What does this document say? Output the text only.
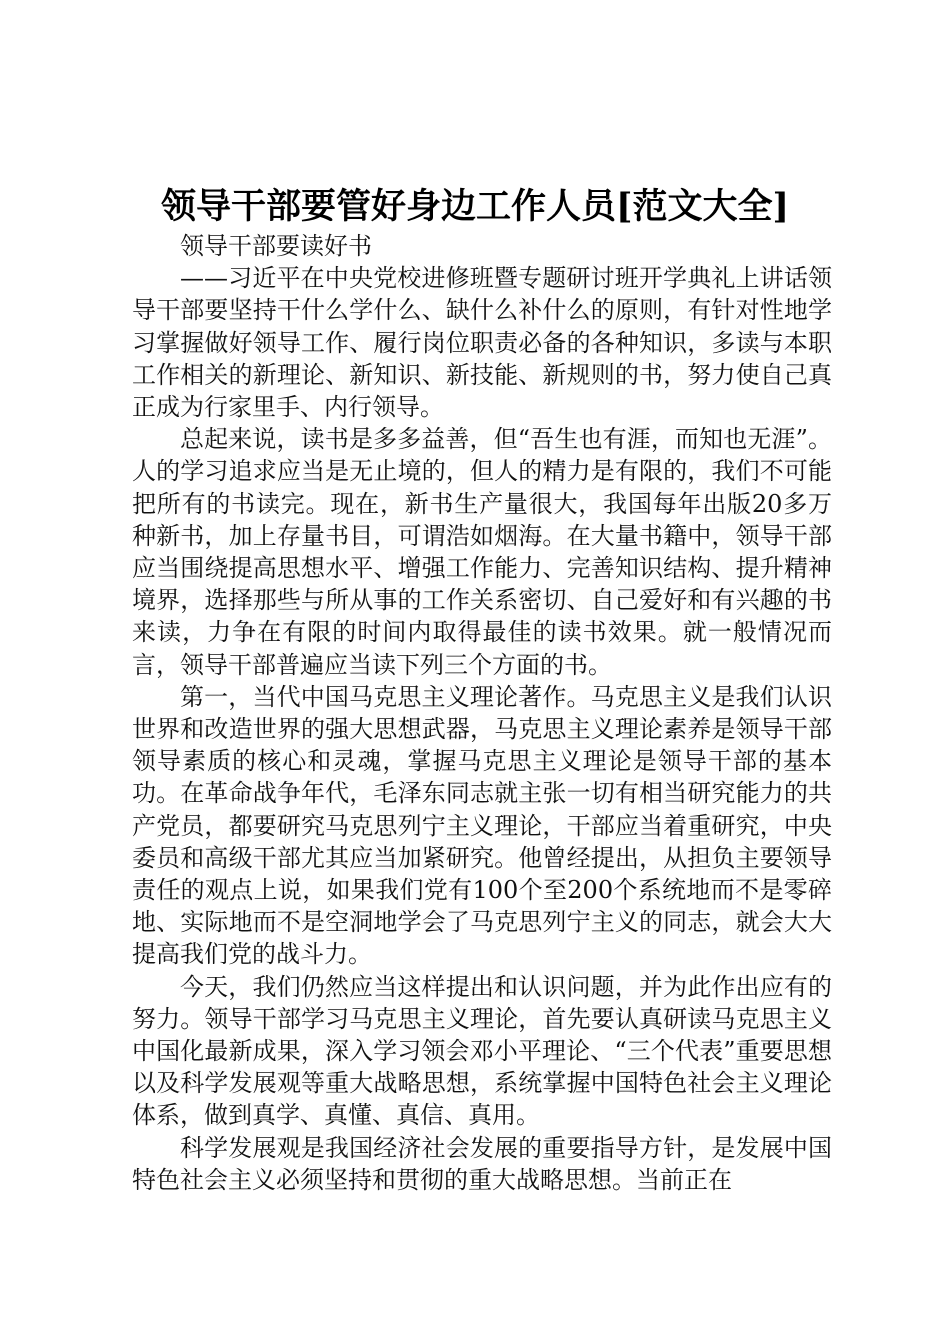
领导干部要管好身边工作人员[范文大全]

领导干部要读好书

——习近平在中央党校进修班暨专题研讨班开学典礼上讲话领导干部要坚持干什么学什么、缺什么补什么的原则，有针对性地学习掌握做好领导工作、履行岗位职责必备的各种知识，多读与本职工作相关的新理论、新知识、新技能、新规则的书，努力使自己真正成为行家里手、内行领导。

总起来说，读书是多多益善，但“吾生也有涯，而知也无涯”。人的学习追求应当是无止境的，但人的精力是有限的，我们不可能把所有的书读完。现在，新书生产量很大，我国每年出版20多万种新书，加上存量书目，可谓浩如烟海。在大量书籍中，领导干部应当围绕提高思想水平、增强工作能力、完善知识结构、提升精神境界，选择那些与所从事的工作关系密切、自己爱好和有兴趣的书来读，力争在有限的时间内取得最佳的读书效果。就一般情况而言，领导干部普遍应当读下列三个方面的书。

第一，当代中国马克思主义理论著作。马克思主义是我们认识世界和改造世界的强大思想武器，马克思主义理论素养是领导干部领导素质的核心和灵魂，掌握马克思主义理论是领导干部的基本功。在革命战争年代，毛泽东同志就主张一切有相当研究能力的共产党员，都要研究马克思列宁主义理论，干部应当着重研究，中央委员和高级干部尤其应当加紧研究。他曾经提出，从担负主要领导责任的观点上说，如果我们党有100个至200个系统地而不是零碎地、实际地而不是空洞地学会了马克思列宁主义的同志，就会大大提高我们党的战斗力。

今天，我们仍然应当这样提出和认识问题，并为此作出应有的努力。领导干部学习马克思主义理论，首先要认真研读马克思主义中国化最新成果，深入学习领会邓小平理论、“三个代表”重要思想以及科学发展观等重大战略思想，系统掌握中国特色社会主义理论体系，做到真学、真懂、真信、真用。

科学发展观是我国经济社会发展的重要指导方针，是发展中国特色社会主义必须坚持和贯彻的重大战略思想。当前正在
